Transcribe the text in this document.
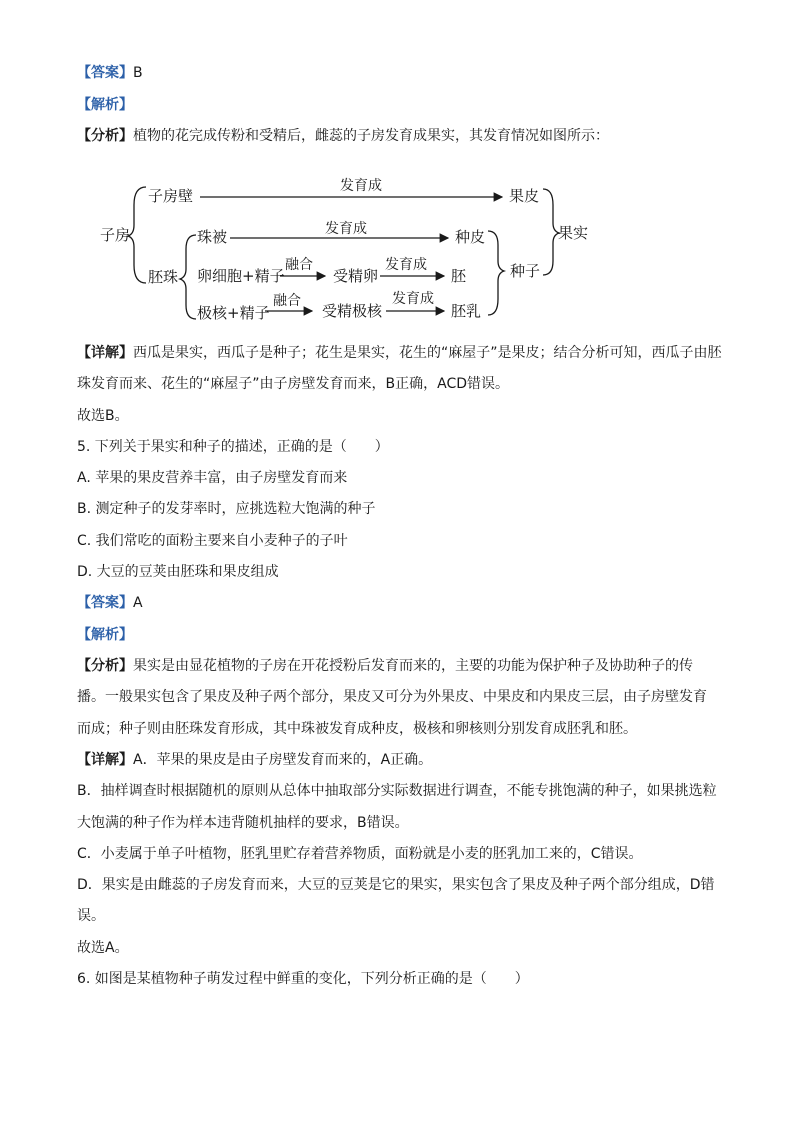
【答案】B
【解析】
【分析】植物的花完成传粉和受精后，雌蕊的子房发育成果实，其发育情况如图所示：
子房
子房壁
胚珠
发育成
果皮
珠被	发育成	种皮
卵细胞+精子
融合
受精卵
发育成
胚
极核+精子
融合
受精极核
发育成
胚乳
种子
果实
【详解】西瓜是果实，西瓜子是种子；花生是果实，花生的“麻屋子”是果皮；结合分析可知，西瓜子由胚
珠发育而来、花生的“麻屋子”由子房壁发育而来，B正确，ACD错误。
故选B。
5. 下列关于果实和种子的描述，正确的是（　　）
A. 苹果的果皮营养丰富，由子房壁发育而来
B. 测定种子的发芽率时，应挑选粒大饱满的种子
C. 我们常吃的面粉主要来自小麦种子的子叶
D. 大豆的豆荚由胚珠和果皮组成
【答案】A
【解析】
【分析】果实是由显花植物的子房在开花授粉后发育而来的，主要的功能为保护种子及协助种子的传
播。一般果实包含了果皮及种子两个部分，果皮又可分为外果皮、中果皮和内果皮三层，由子房壁发育
而成；种子则由胚珠发育形成，其中珠被发育成种皮，极核和卵核则分别发育成胚乳和胚。
【详解】A．苹果的果皮是由子房壁发育而来的，A正确。
B．抽样调查时根据随机的原则从总体中抽取部分实际数据进行调查，不能专挑饱满的种子，如果挑选粒
大饱满的种子作为样本违背随机抽样的要求，B错误。
C．小麦属于单子叶植物，胚乳里贮存着营养物质，面粉就是小麦的胚乳加工来的，C错误。
D．果实是由雌蕊的子房发育而来，大豆的豆荚是它的果实，果实包含了果皮及种子两个部分组成，D错
误。
故选A。
6. 如图是某植物种子萌发过程中鲜重的变化，下列分析正确的是（　　）
